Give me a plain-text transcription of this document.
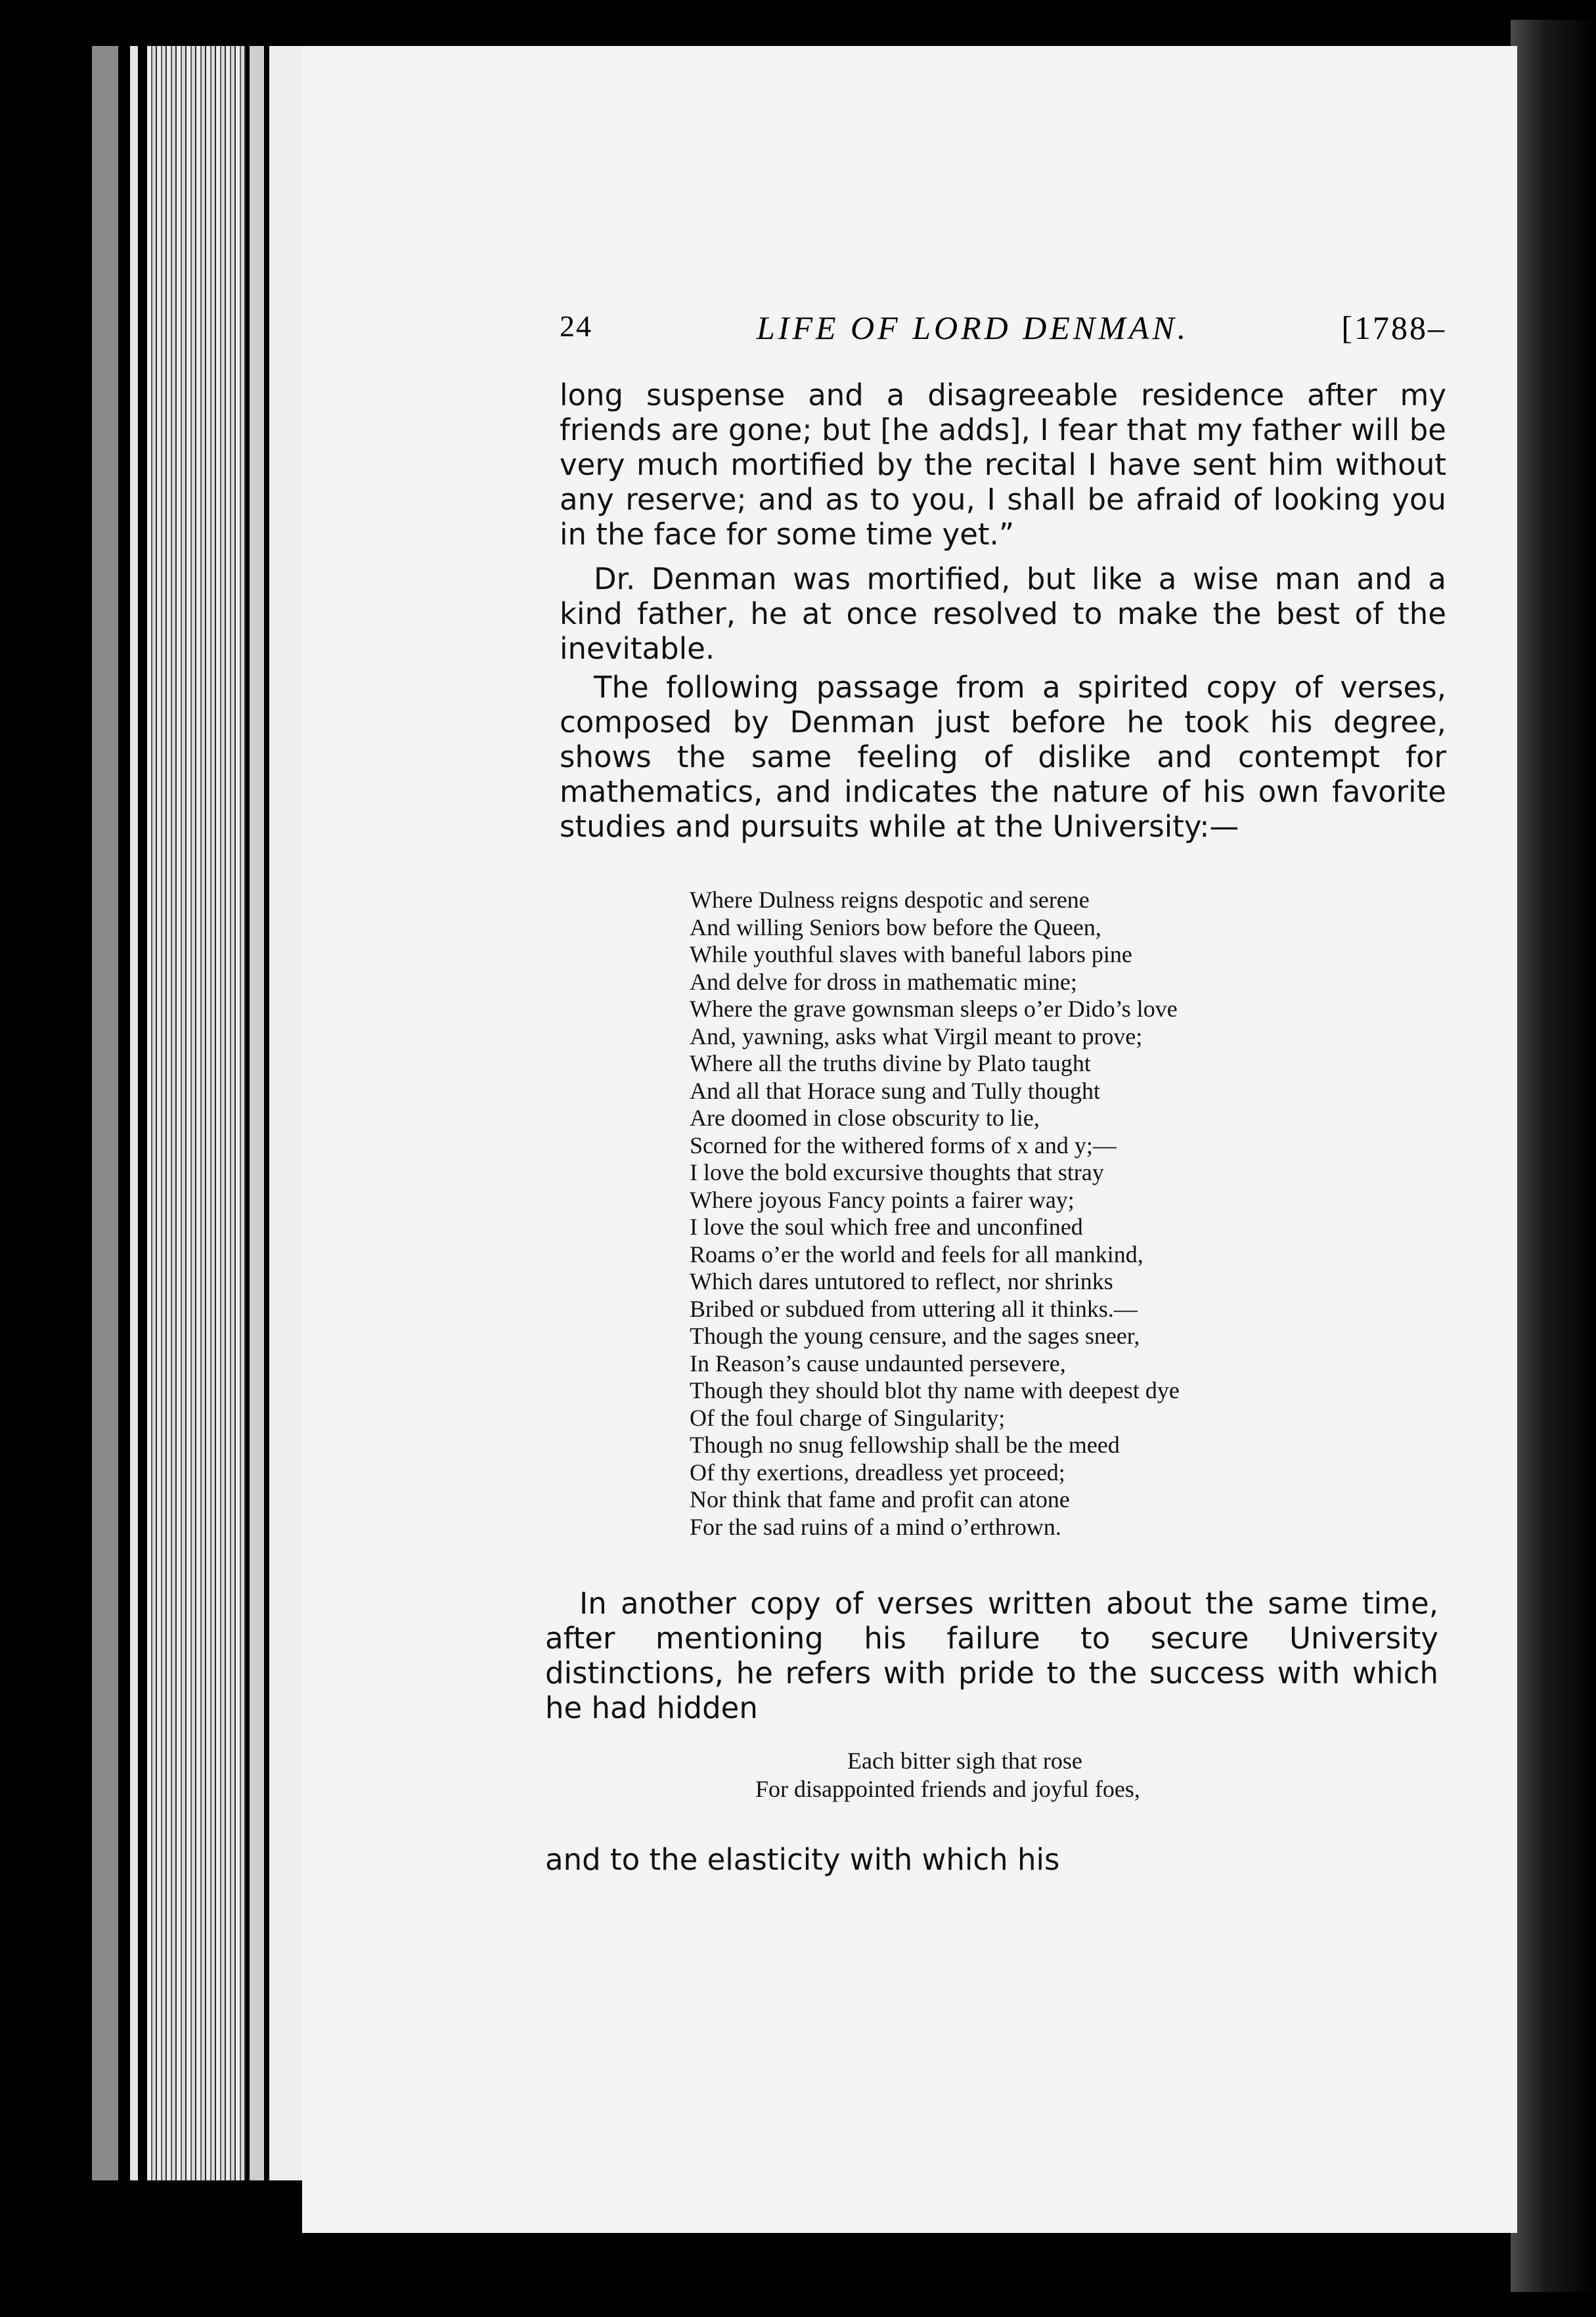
24	LIFE OF LORD DENMAN.	[1788–

long suspense and a disagreeable residence after my friends are gone; but [he adds], I fear that my father will be very much mortified by the recital I have sent him without any reserve; and as to you, I shall be afraid of looking you in the face for some time yet.”

Dr. Denman was mortified, but like a wise man and a kind father, he at once resolved to make the best of the inevitable.

The following passage from a spirited copy of verses, composed by Denman just before he took his degree, shows the same feeling of dislike and contempt for mathematics, and indicates the nature of his own favorite studies and pursuits while at the University:—

Where Dulness reigns despotic and serene
And willing Seniors bow before the Queen,
While youthful slaves with baneful labors pine
And delve for dross in mathematic mine;
Where the grave gownsman sleeps o’er Dido’s love
And, yawning, asks what Virgil meant to prove;
Where all the truths divine by Plato taught
And all that Horace sung and Tully thought
Are doomed in close obscurity to lie,
Scorned for the withered forms of x and y;—
I love the bold excursive thoughts that stray
Where joyous Fancy points a fairer way;
I love the soul which free and unconfined
Roams o’er the world and feels for all mankind,
Which dares untutored to reflect, nor shrinks
Bribed or subdued from uttering all it thinks.—
Though the young censure, and the sages sneer,
In Reason’s cause undaunted persevere,
Though they should blot thy name with deepest dye
Of the foul charge of Singularity;
Though no snug fellowship shall be the meed
Of thy exertions, dreadless yet proceed;
Nor think that fame and profit can atone
For the sad ruins of a mind o’erthrown.

In another copy of verses written about the same time, after mentioning his failure to secure University distinctions, he refers with pride to the success with which he had hidden

Each bitter sigh that rose
For disappointed friends and joyful foes,

and to the elasticity with which his
